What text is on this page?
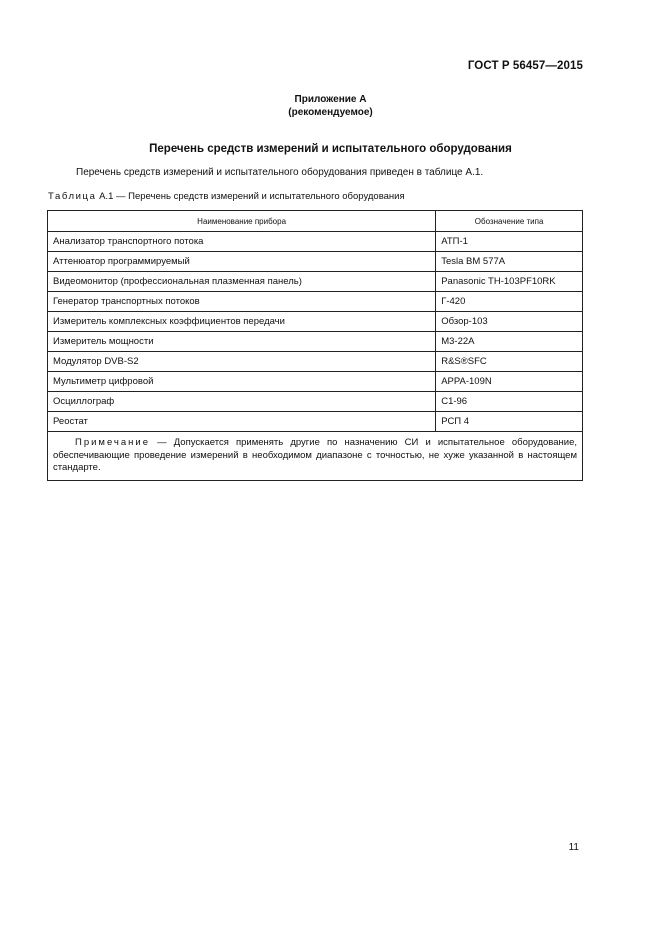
ГОСТ Р 56457—2015
Приложение А
(рекомендуемое)
Перечень средств измерений и испытательного оборудования
Перечень средств измерений и испытательного оборудования приведен в таблице А.1.
Таблица А.1 — Перечень средств измерений и испытательного оборудования
Наименование прибора	Обозначение типа
Анализатор транспортного потока	АТП-1
Аттенюатор программируемый	Tesla BM 577A
Видеомонитор (профессиональная плазменная панель)	Panasonic TH-103PF10RK
Генератор транспортных потоков	Г-420
Измеритель комплексных коэффициентов передачи	Обзор-103
Измеритель мощности	М3-22А
Модулятор DVB-S2	R&S®SFC
Мультиметр цифровой	APPA-109N
Осциллограф	С1-96
Реостат	РСП 4
Примечание — Допускается применять другие по назначению СИ и испытательное оборудование, обеспечивающие проведение измерений в необходимом диапазоне с точностью, не хуже указанной в настоящем стандарте.	
11
